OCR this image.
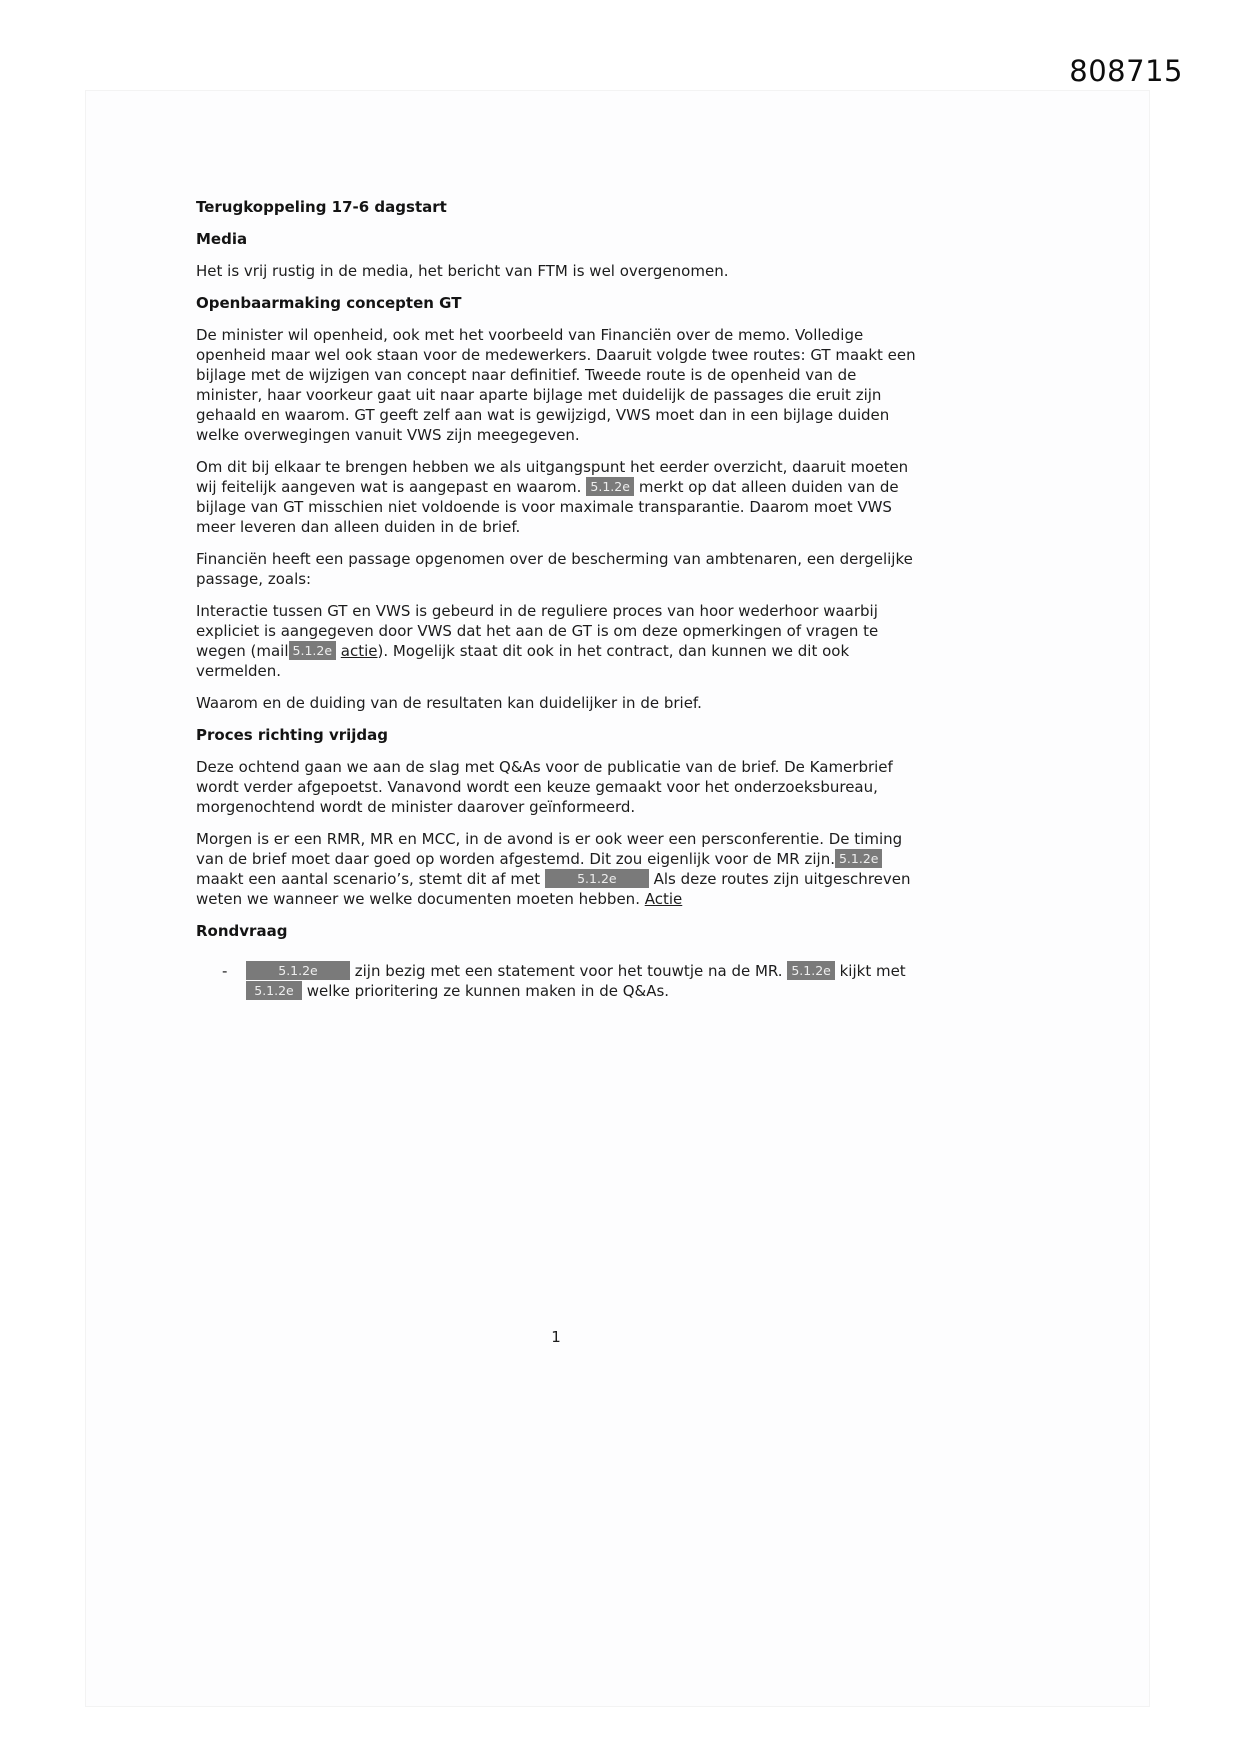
808715
Terugkoppeling 17-6 dagstart
Media
Het is vrij rustig in de media, het bericht van FTM is wel overgenomen.
Openbaarmaking concepten GT
De minister wil openheid, ook met het voorbeeld van Financiën over de memo. Volledige openheid maar wel ook staan voor de medewerkers. Daaruit volgde twee routes: GT maakt een bijlage met de wijzigen van concept naar definitief. Tweede route is de openheid van de minister, haar voorkeur gaat uit naar aparte bijlage met duidelijk de passages die eruit zijn gehaald en waarom. GT geeft zelf aan wat is gewijzigd, VWS moet dan in een bijlage duiden welke overwegingen vanuit VWS zijn meegegeven.
Om dit bij elkaar te brengen hebben we als uitgangspunt het eerder overzicht, daaruit moeten wij feitelijk aangeven wat is aangepast en waarom. 5.1.2e merkt op dat alleen duiden van de bijlage van GT misschien niet voldoende is voor maximale transparantie. Daarom moet VWS meer leveren dan alleen duiden in de brief.
Financiën heeft een passage opgenomen over de bescherming van ambtenaren, een dergelijke passage, zoals:
Interactie tussen GT en VWS is gebeurd in de reguliere proces van hoor wederhoor waarbij expliciet is aangegeven door VWS dat het aan de GT is om deze opmerkingen of vragen te wegen (mail 5.1.2e actie). Mogelijk staat dit ook in het contract, dan kunnen we dit ook vermelden.
Waarom en de duiding van de resultaten kan duidelijker in de brief.
Proces richting vrijdag
Deze ochtend gaan we aan de slag met Q&As voor de publicatie van de brief. De Kamerbrief wordt verder afgepoetst. Vanavond wordt een keuze gemaakt voor het onderzoeksbureau, morgenochtend wordt de minister daarover geïnformeerd.
Morgen is er een RMR, MR en MCC, in de avond is er ook weer een persconferentie. De timing van de brief moet daar goed op worden afgestemd. Dit zou eigenlijk voor de MR zijn. 5.1.2e maakt een aantal scenario’s, stemt dit af met	5.1.2e Als deze routes zijn uitgeschreven weten we wanneer we welke documenten moeten hebben. Actie
Rondvraag
-	5.1.2e zijn bezig met een statement voor het touwtje na de MR. 5.1.2e kijkt met 5.1.2e welke prioritering ze kunnen maken in de Q&As.
1
